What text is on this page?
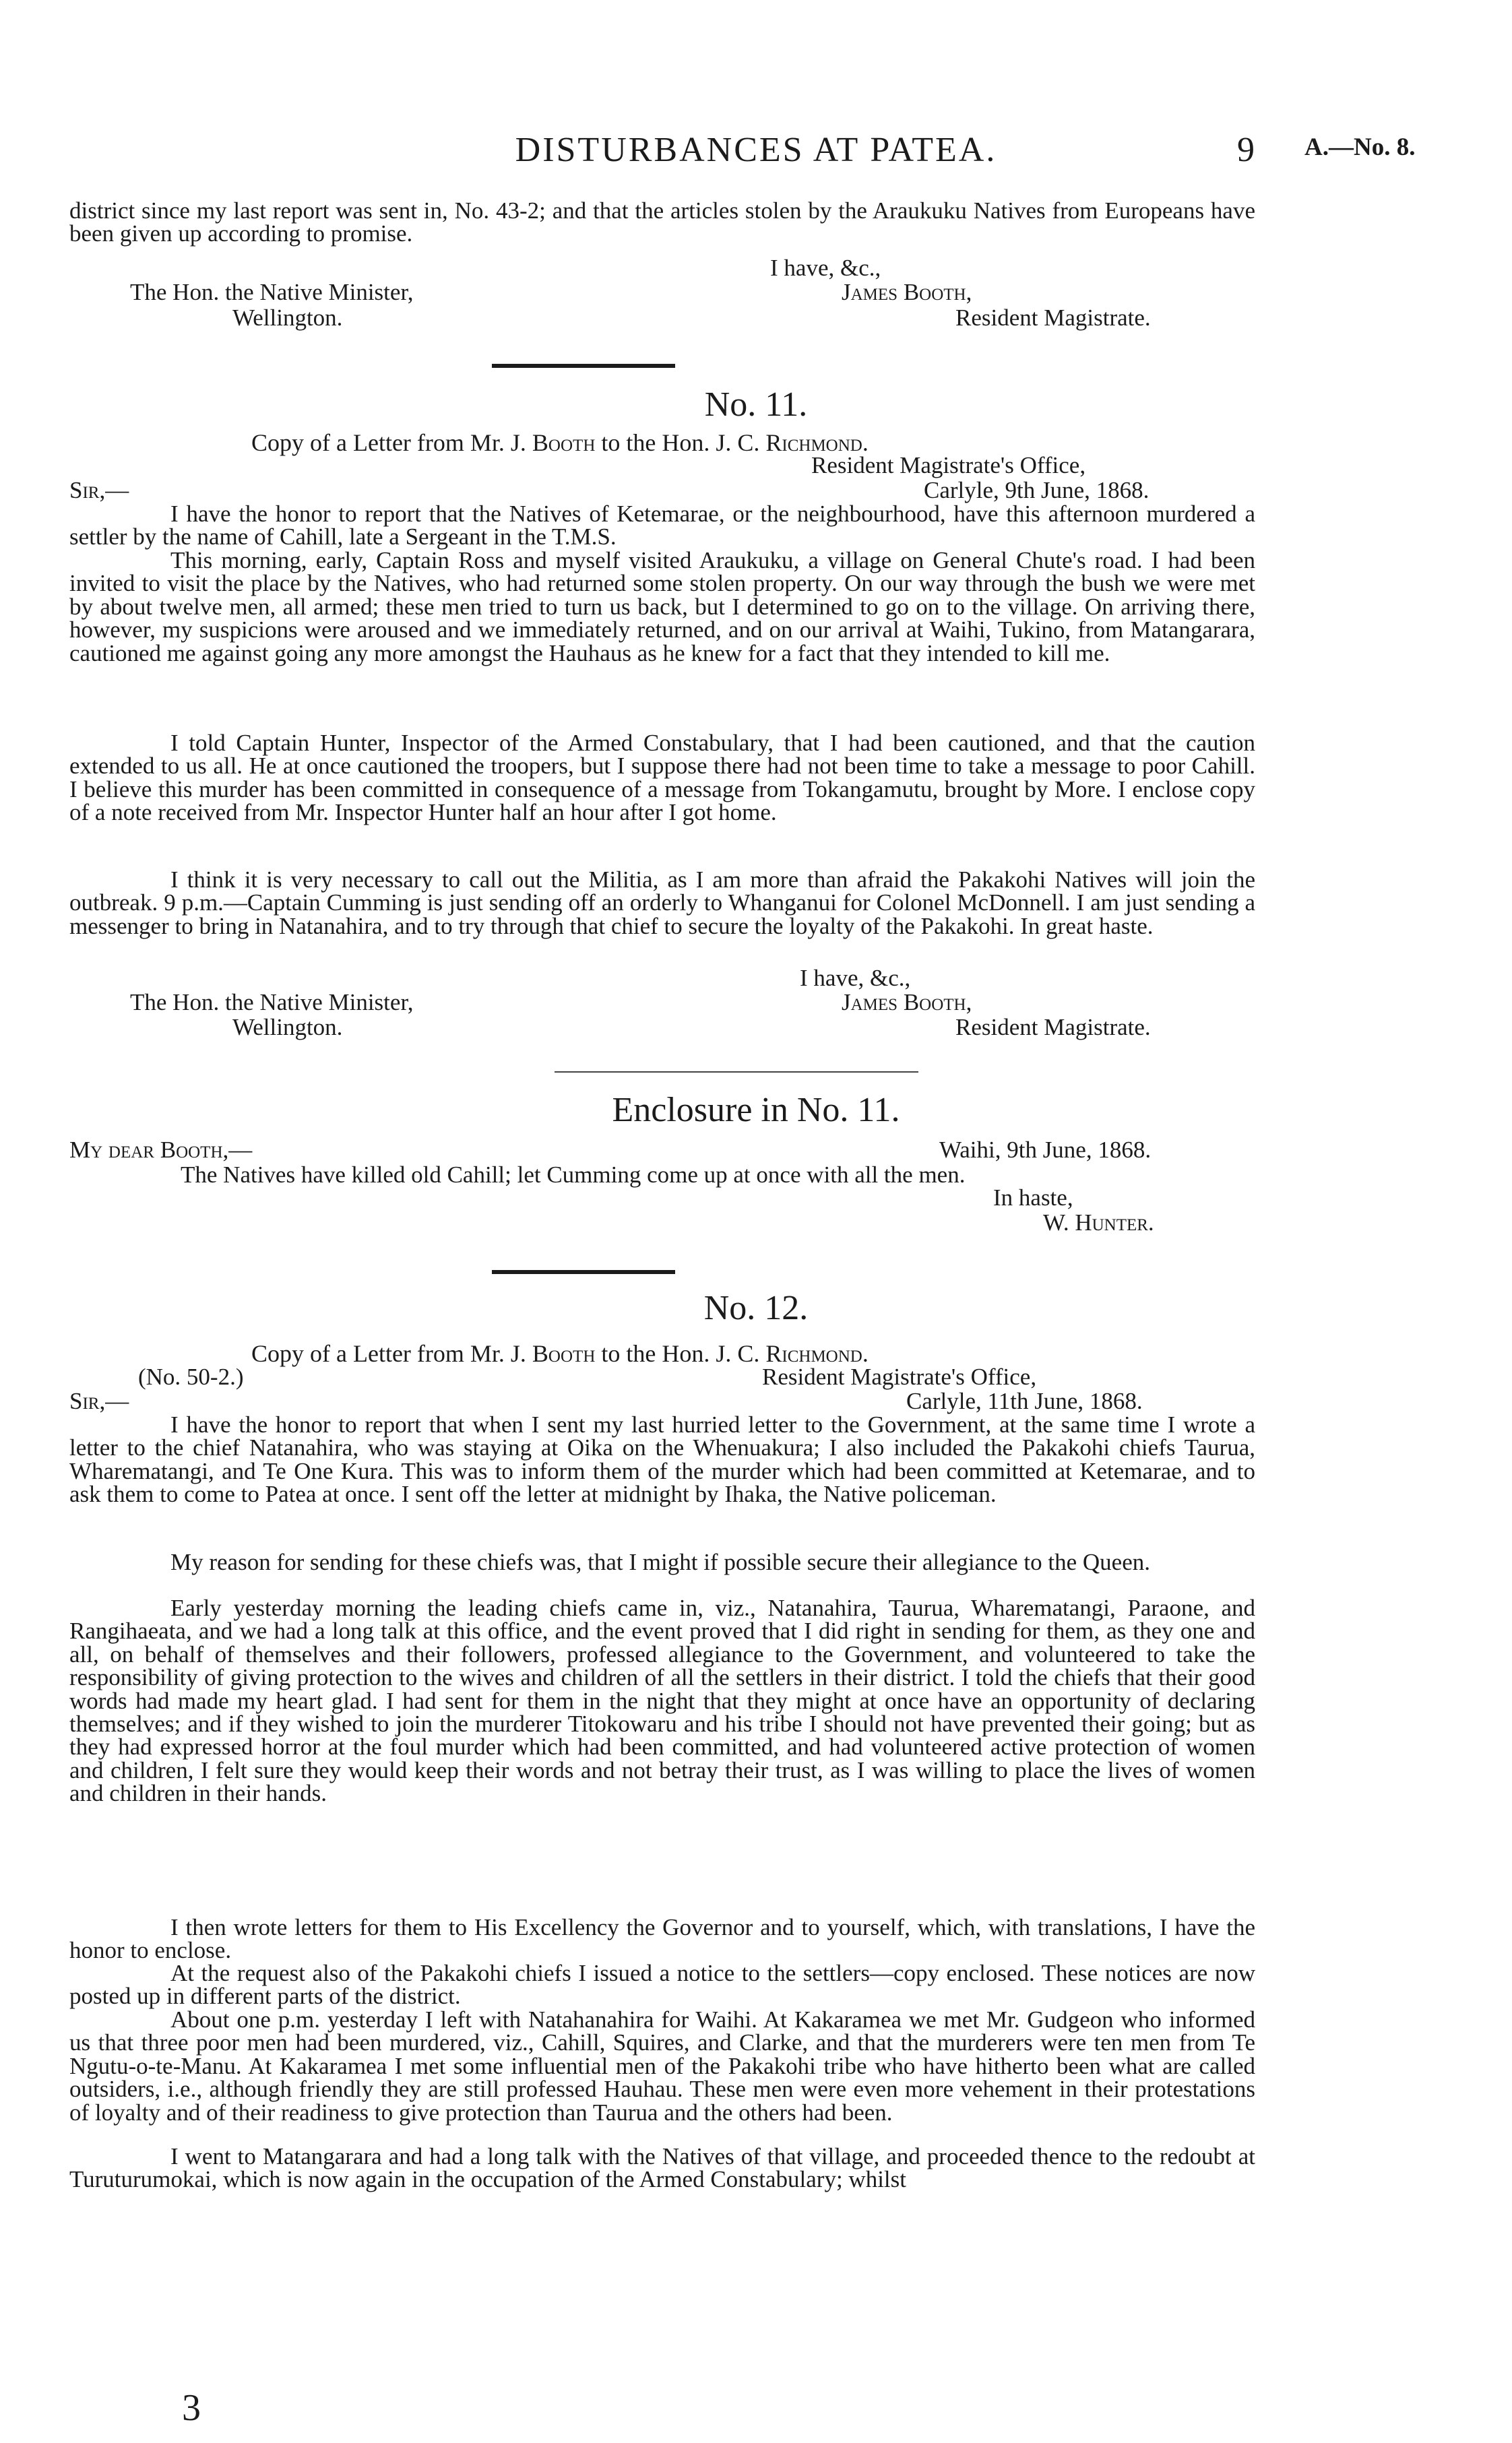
DISTURBANCES AT PATEA.	9 A.—No. 8.
district since my last report was sent in, No. 43-2; and that the articles stolen by the Araukuku Natives from Europeans have been given up according to promise.
I have, &c.,
The Hon. the Native Minister,	James Booth,
Wellington.	Resident Magistrate.
No. 11.
Copy of a Letter from Mr. J. Booth to the Hon. J. C. Richmond.
Resident Magistrate's Office,
Sir,—	Carlyle, 9th June, 1868.
I have the honor to report that the Natives of Ketemarae, or the neighbourhood, have this afternoon murdered a settler by the name of Cahill, late a Sergeant in the T.M.S.
This morning, early, Captain Ross and myself visited Araukuku, a village on General Chute's road. I had been invited to visit the place by the Natives, who had returned some stolen property. On our way through the bush we were met by about twelve men, all armed; these men tried to turn us back, but I determined to go on to the village. On arriving there, however, my suspicions were aroused and we immediately returned, and on our arrival at Waihi, Tukino, from Matangarara, cautioned me against going any more amongst the Hauhaus as he knew for a fact that they intended to kill me.
I told Captain Hunter, Inspector of the Armed Constabulary, that I had been cautioned, and that the caution extended to us all. He at once cautioned the troopers, but I suppose there had not been time to take a message to poor Cahill. I believe this murder has been committed in consequence of a message from Tokangamutu, brought by More. I enclose copy of a note received from Mr. Inspector Hunter half an hour after I got home.
I think it is very necessary to call out the Militia, as I am more than afraid the Pakakohi Natives will join the outbreak. 9 p.m.—Captain Cumming is just sending off an orderly to Whanganui for Colonel McDonnell. I am just sending a messenger to bring in Natanahira, and to try through that chief to secure the loyalty of the Pakakohi. In great haste.
I have, &c.,
The Hon. the Native Minister,	James Booth,
Wellington.	Resident Magistrate.
Enclosure in No. 11.
My dear Booth,—	Waihi, 9th June, 1868.
The Natives have killed old Cahill; let Cumming come up at once with all the men.
In haste,
W. Hunter.
No. 12.
Copy of a Letter from Mr. J. Booth to the Hon. J. C. Richmond.
(No. 50-2.)	Resident Magistrate's Office,
Sir,—	Carlyle, 11th June, 1868.
I have the honor to report that when I sent my last hurried letter to the Government, at the same time I wrote a letter to the chief Natanahira, who was staying at Oika on the Whenuakura; I also included the Pakakohi chiefs Taurua, Wharematangi, and Te One Kura. This was to inform them of the murder which had been committed at Ketemarae, and to ask them to come to Patea at once. I sent off the letter at midnight by Ihaka, the Native policeman.
My reason for sending for these chiefs was, that I might if possible secure their allegiance to the Queen.
Early yesterday morning the leading chiefs came in, viz., Natanahira, Taurua, Wharematangi, Paraone, and Rangihaeata, and we had a long talk at this office, and the event proved that I did right in sending for them, as they one and all, on behalf of themselves and their followers, professed allegiance to the Government, and volunteered to take the responsibility of giving protection to the wives and children of all the settlers in their district. I told the chiefs that their good words had made my heart glad. I had sent for them in the night that they might at once have an opportunity of declaring themselves; and if they wished to join the murderer Titokowaru and his tribe I should not have prevented their going; but as they had expressed horror at the foul murder which had been committed, and had volunteered active protection of women and children, I felt sure they would keep their words and not betray their trust, as I was willing to place the lives of women and children in their hands.
I then wrote letters for them to His Excellency the Governor and to yourself, which, with translations, I have the honor to enclose.
At the request also of the Pakakohi chiefs I issued a notice to the settlers—copy enclosed. These notices are now posted up in different parts of the district.
About one p.m. yesterday I left with Natahanahira for Waihi. At Kakaramea we met Mr. Gudgeon who informed us that three poor men had been murdered, viz., Cahill, Squires, and Clarke, and that the murderers were ten men from Te Ngutu-o-te-Manu. At Kakaramea I met some influential men of the Pakakohi tribe who have hitherto been what are called outsiders, i.e., although friendly they are still professed Hauhau. These men were even more vehement in their protestations of loyalty and of their readiness to give protection than Taurua and the others had been.
I went to Matangarara and had a long talk with the Natives of that village, and proceeded thence to the redoubt at Turuturumokai, which is now again in the occupation of the Armed Constabulary; whilst
3
